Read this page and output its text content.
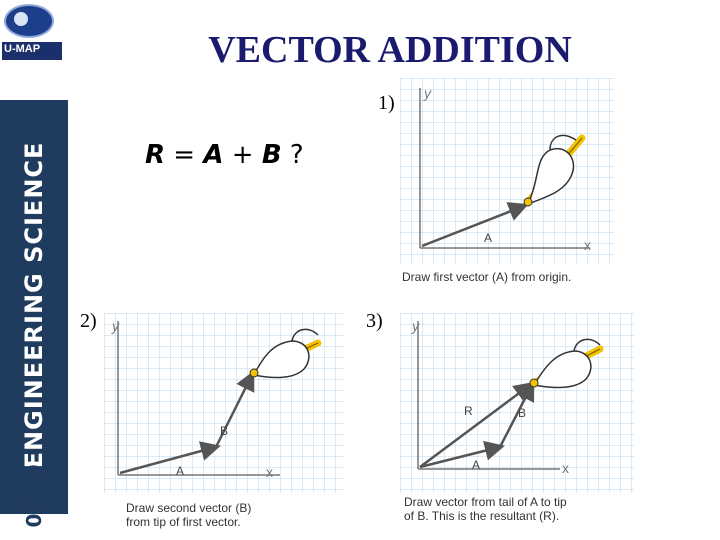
U-MAP
ENGINEERING SCIENCE
09/10
VECTOR ADDITION
R = A + B ?
1)
2)	3)
y
x
A
Draw first vector (A) from origin.
y
x
A
B
Draw second vector (B)
from tip of first vector.
y
x
A
B
R
Draw vector from tail of A to tip
of B. This is the resultant (R).
